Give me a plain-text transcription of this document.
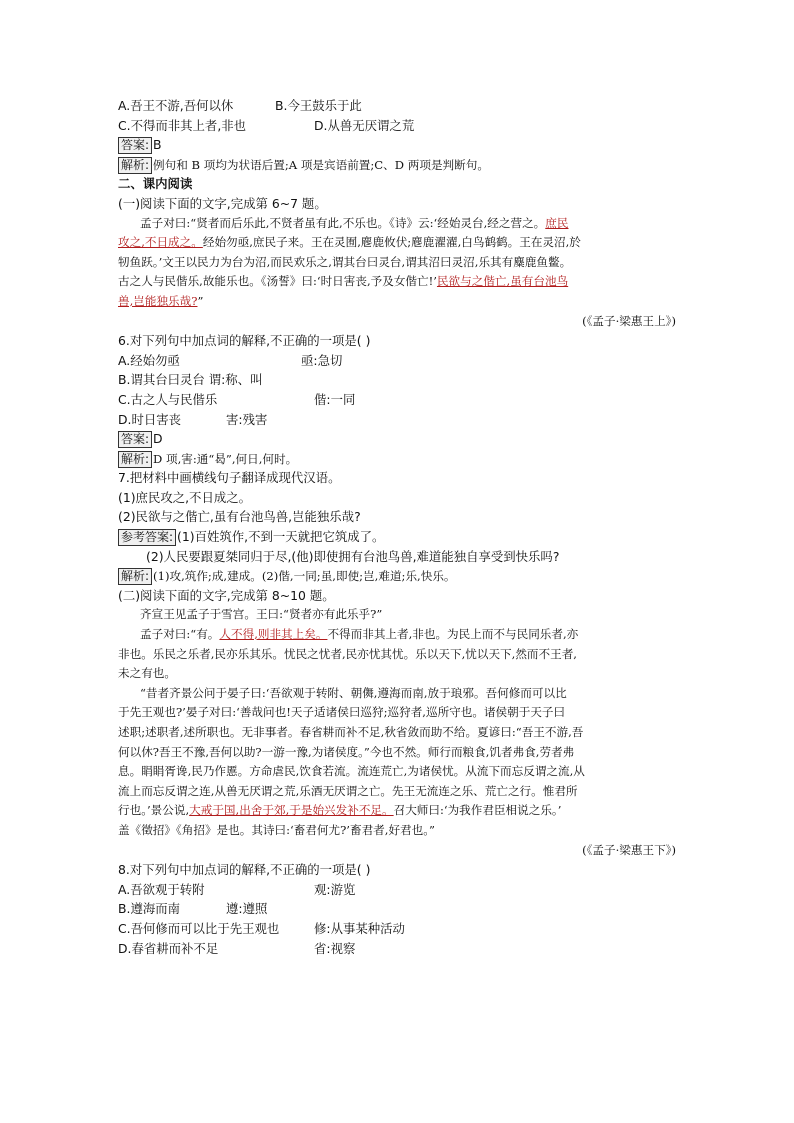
A.吾王不游,吾何以休	B.今王鼓乐于此
C.不得而非其上者,非也	D.从兽无厌谓之荒
答案: B
解析: 例句和 B 项均为状语后置;A 项是宾语前置;C、D 两项是判断句。
二、课内阅读
(一)阅读下面的文字,完成第 6~7 题。
孟子对曰:“贤者而后乐此,不贤者虽有此,不乐也。《诗》云:‘经始灵台,经之营之。庶民
攻之,不日成之。经始勿亟,庶民子来。王在灵囿,麀鹿攸伏;麀鹿濯濯,白鸟鹤鹤。王在灵沼,於
牣鱼跃。’文王以民力为台为沼,而民欢乐之,谓其台曰灵台,谓其沼曰灵沼,乐其有麋鹿鱼鳖。
古之人与民偕乐,故能乐也。《汤誓》曰:‘时日害丧,予及女偕亡!’民欲与之偕亡,虽有台池鸟
兽,岂能独乐哉?”
(《孟子·梁惠王上》)
6.对下列句中加点词的解释,不正确的一项是( )
A.经始勿亟	亟:急切
B.谓其台曰灵台 谓:称、叫
C.古之人与民偕乐	偕:一同
D.时日害丧	害:残害
答案: D
解析: D 项,害:通“曷”,何日,何时。
7.把材料中画横线句子翻译成现代汉语。
(1)庶民攻之,不日成之。
(2)民欲与之偕亡,虽有台池鸟兽,岂能独乐哉?
参考答案: (1)百姓筑作,不到一天就把它筑成了。
(2)人民要跟夏桀同归于尽,(他)即使拥有台池鸟兽,难道能独自享受到快乐吗?
解析: (1)攻,筑作;成,建成。(2)偕,一同;虽,即使;岂,难道;乐,快乐。
(二)阅读下面的文字,完成第 8~10 题。
齐宣王见孟子于雪宫。王曰:“贤者亦有此乐乎?”
孟子对曰:“有。人不得,则非其上矣。不得而非其上者,非也。为民上而不与民同乐者,亦
非也。乐民之乐者,民亦乐其乐。忧民之忧者,民亦忧其忧。乐以天下,忧以天下,然而不王者,
未之有也。
“昔者齐景公问于晏子曰:‘吾欲观于转附、朝儛,遵海而南,放于琅邪。吾何修而可以比
于先王观也?’晏子对曰:‘善哉问也!天子适诸侯曰巡狩;巡狩者,巡所守也。诸侯朝于天子曰
述职;述职者,述所职也。无非事者。春省耕而补不足,秋省敛而助不给。夏谚曰:“吾王不游,吾
何以休?吾王不豫,吾何以助?一游一豫,为诸侯度。”今也不然。师行而粮食,饥者弗食,劳者弗
息。睊睊胥谗,民乃作慝。方命虐民,饮食若流。流连荒亡,为诸侯忧。从流下而忘反谓之流,从
流上而忘反谓之连,从兽无厌谓之荒,乐酒无厌谓之亡。先王无流连之乐、荒亡之行。惟君所
行也。’景公说,大戒于国,出舍于郊,于是始兴发补不足。召大师曰:‘为我作君臣相说之乐。’
盖《徵招》《角招》是也。其诗曰:‘畜君何尤?’畜君者,好君也。”
(《孟子·梁惠王下》)
8.对下列句中加点词的解释,不正确的一项是( )
A.吾欲观于转附	观:游览
B.遵海而南	遵:遵照
C.吾何修而可以比于先王观也	修:从事某种活动
D.春省耕而补不足	省:视察
